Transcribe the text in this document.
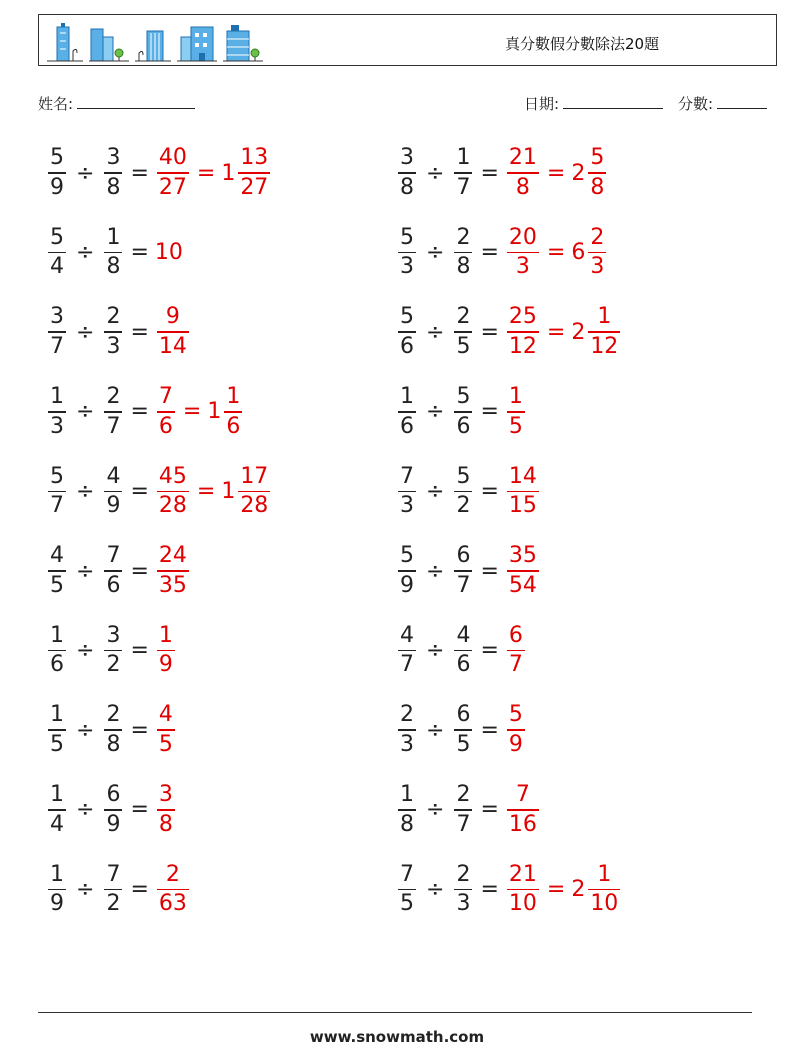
真分數假分數除法20題
姓名:	日期:	分數:
$\frac{5}{9} \div \frac{3}{8} = \frac{40}{27} = 1 \frac{13}{27}$	$\frac{3}{8} \div \frac{1}{7} = \frac{21}{8} = 2 \frac{5}{8}$
$\frac{5}{4} \div \frac{1}{8} = 10$	$\frac{5}{3} \div \frac{2}{8} = \frac{20}{3} = 6 \frac{2}{3}$
$\frac{3}{7} \div \frac{2}{3} = \frac{9}{14}$	$\frac{5}{6} \div \frac{2}{5} = \frac{25}{12} = 2 \frac{1}{12}$
$\frac{1}{3} \div \frac{2}{7} = \frac{7}{6} = 1 \frac{1}{6}$	$\frac{1}{6} \div \frac{5}{6} = \frac{1}{5}$
$\frac{5}{7} \div \frac{4}{9} = \frac{45}{28} = 1 \frac{17}{28}$	$\frac{7}{3} \div \frac{5}{2} = \frac{14}{15}$
$\frac{4}{5} \div \frac{7}{6} = \frac{24}{35}$	$\frac{5}{9} \div \frac{6}{7} = \frac{35}{54}$
$\frac{1}{6} \div \frac{3}{2} = \frac{1}{9}$	$\frac{4}{7} \div \frac{4}{6} = \frac{6}{7}$
$\frac{1}{5} \div \frac{2}{8} = \frac{4}{5}$	$\frac{2}{3} \div \frac{6}{5} = \frac{5}{9}$
$\frac{1}{4} \div \frac{6}{9} = \frac{3}{8}$	$\frac{1}{8} \div \frac{2}{7} = \frac{7}{16}$
$\frac{1}{9} \div \frac{7}{2} = \frac{2}{63}$	$\frac{7}{5} \div \frac{2}{3} = \frac{21}{10} = 2 \frac{1}{10}$
www.snowmath.com
